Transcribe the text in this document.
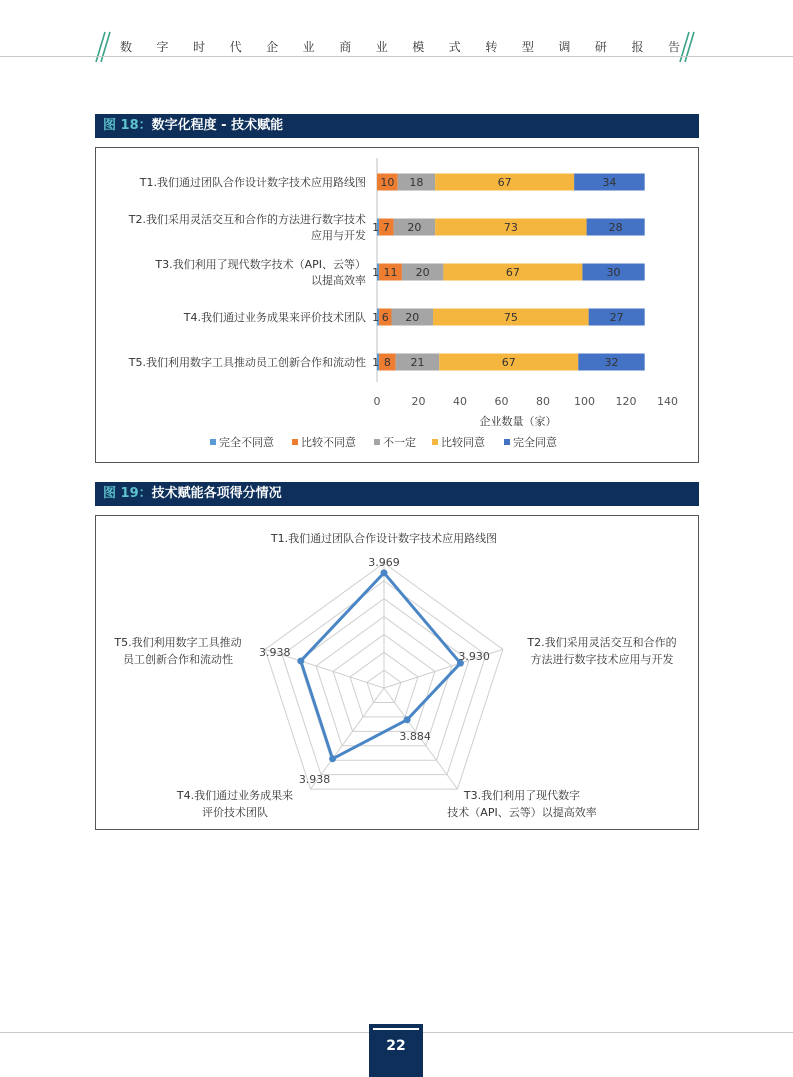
数 字 时 代 企 业 商 业 模 式 转 型 调 研 报 告
图 18：数字化程度 - 技术赋能
T1.我们通过团队合作设计数字技术应用路线图 10 18	67	34
T2.我们采用灵活交互和合作的方法进行数字技术
应用与开发
1 7 20	73	28
T3.我们利用了现代数字技术（API、云等）
以提高效率
1 11 20	67	30
T4.我们通过业务成果来评价技术团队 1 6 20	75	27
T5.我们利用数字工具推动员工创新合作和流动性 1 8 21	67	32
0	20	40	60	80 100 120 140
企业数量（家）
完全不同意 比较不同意 不一定 比较同意	完全同意
图 19：技术赋能各项得分情况
3.969
3.930
3.884
3.938
3.938
T1.我们通过团队合作设计数字技术应用路线图
T2.我们采用灵活交互和合作的
方法进行数字技术应用与开发
T3.我们利用了现代数字
技术（API、云等）以提高效率
T4.我们通过业务成果来
评价技术团队
T5.我们利用数字工具推动
员工创新合作和流动性
22
